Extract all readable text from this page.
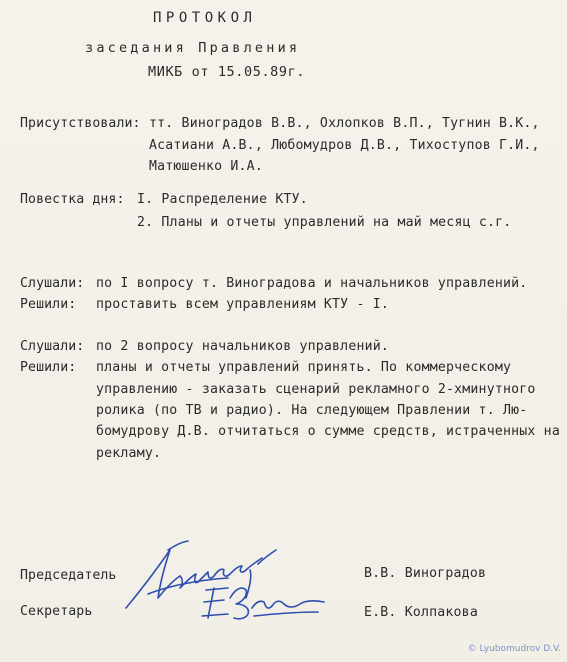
ПРОТОКОЛ
заседания Правления
МИКБ от 15.05.89г.
Присутствовали: тт. Виноградов В.В., Охлопков В.П., Тугнин В.К.,
Асатиани А.В., Любомудров Д.В., Тихоступов Г.И.,
Матюшенко И.А.
Повестка дня: I. Распределение КТУ.
2. Планы и отчеты управлений на май месяц с.г.
Слушали: по I вопросу т. Виноградова и начальников управлений.
Решили: проставить всем управлениям КТУ - I.
Слушали: по 2 вопросу начальников управлений.
Решили: планы и отчеты управлений принять. По коммерческому
управлению - заказать сценарий рекламного 2-хминутного
ролика (по ТВ и радио). На следующем Правлении т. Лю-
бомудрову Д.В. отчитаться о сумме средств, истраченных на
рекламу.
Председатель	В.В. Виноградов
Секретарь	Е.В. Колпакова
© Lyubomudrov D.V.
